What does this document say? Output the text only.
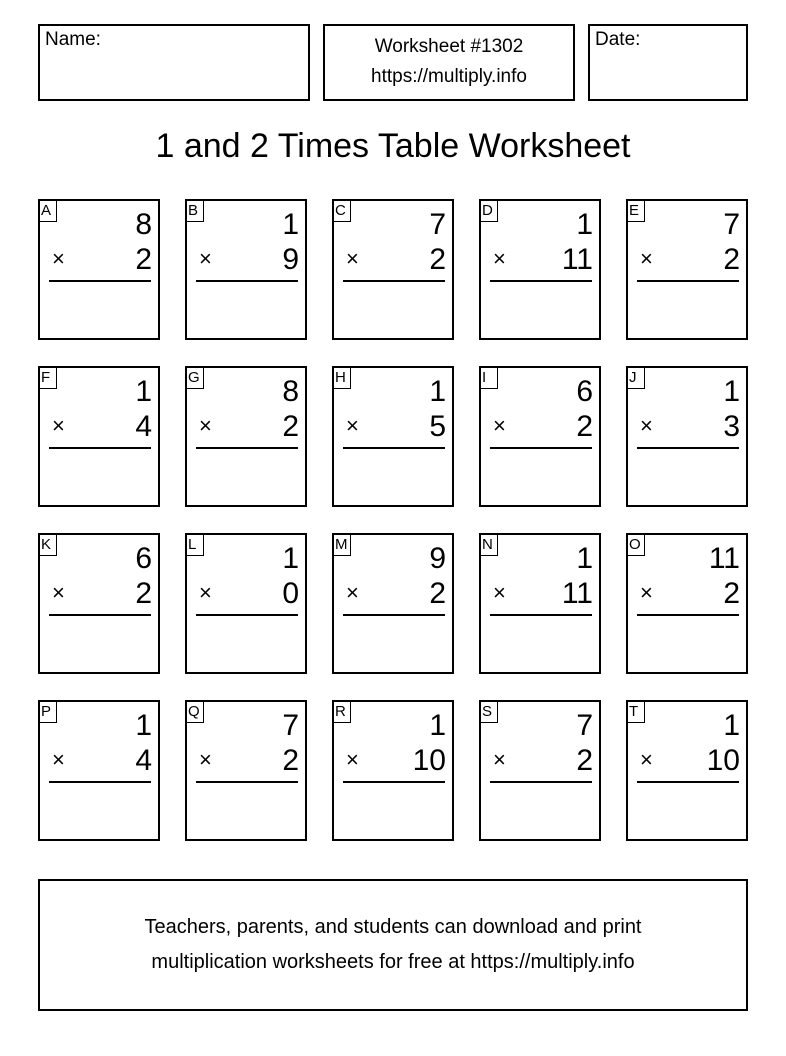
Name:	Worksheet #1302
https://multiply.info
Date:
1 and 2 Times Table Worksheet
A	8
× 2
B	1
× 9
C	7
× 2
D	1
× 11
E	7
× 2
F	1
× 4
G	8
× 2
H	1
× 5
I	6
× 2
J	1
× 3
K	6
× 2
L	1
× 0
M	9
× 2
N	1
× 11
O 11
× 2
P	1
× 4
Q	7
× 2
R	1
× 10
S	7
× 2
T	1
× 10
Teachers, parents, and students can download and print
multiplication worksheets for free at https://multiply.info
